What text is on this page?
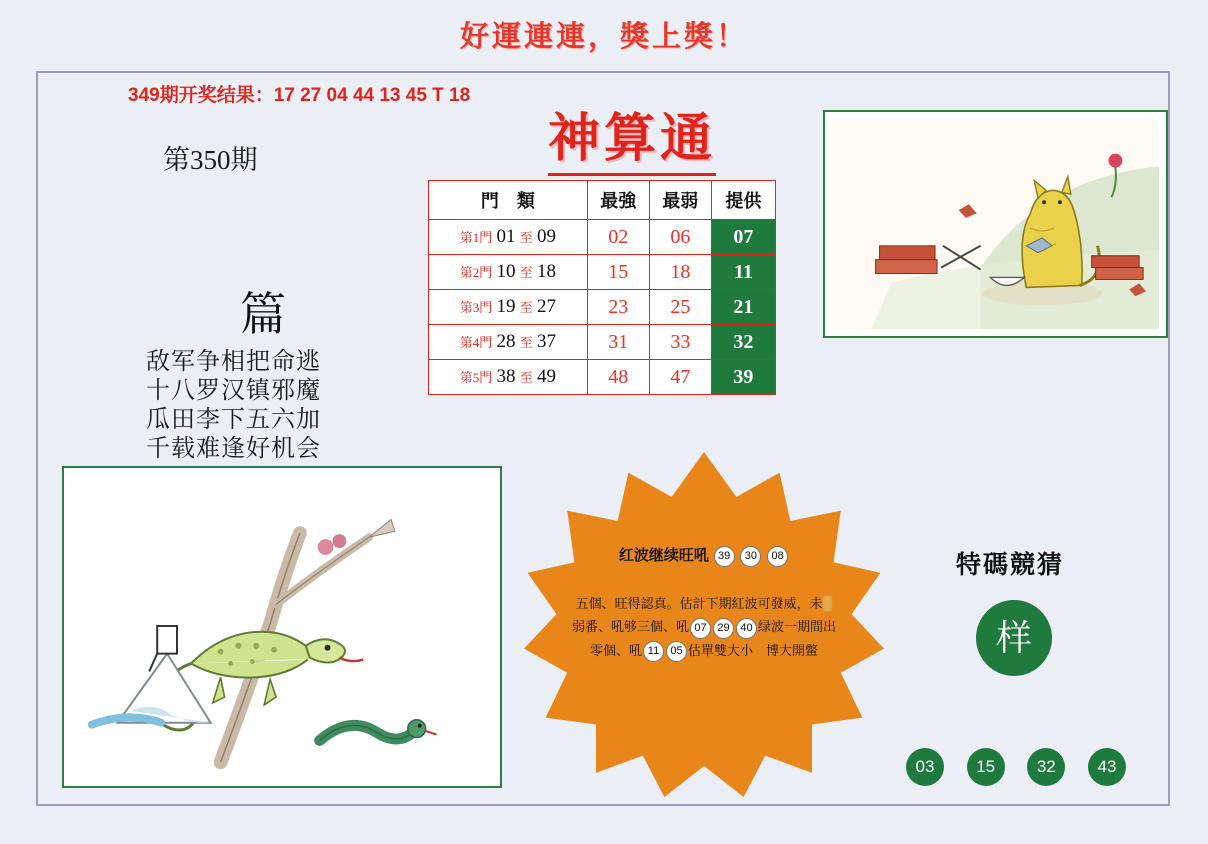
好運連連，獎上獎！
349期开奖结果：17 27 04 44 13 45 T 18
第350期	神算通
篇
敌军争相把命逃
十八罗汉镇邪魔
瓜田李下五六加
千载难逢好机会
門　類	最強	最弱	提供
第1門 01 至 09	02	06	07
第2門 10 至 18	15	18	11
第3門 19 至 27	23	25	21
第4門 28 至 37	31	33	32
第5門 38 至 49	48	47	39
红波继续旺吼 39 30 08
五個、旺得認真。估計下期紅波可發威，未
弱番、吼够三個、吼 07 29 40 绿波一期間出
零個、吼 11 05 估單雙大小　博大開鳖
特碼競猜
样
03	15	32	43
